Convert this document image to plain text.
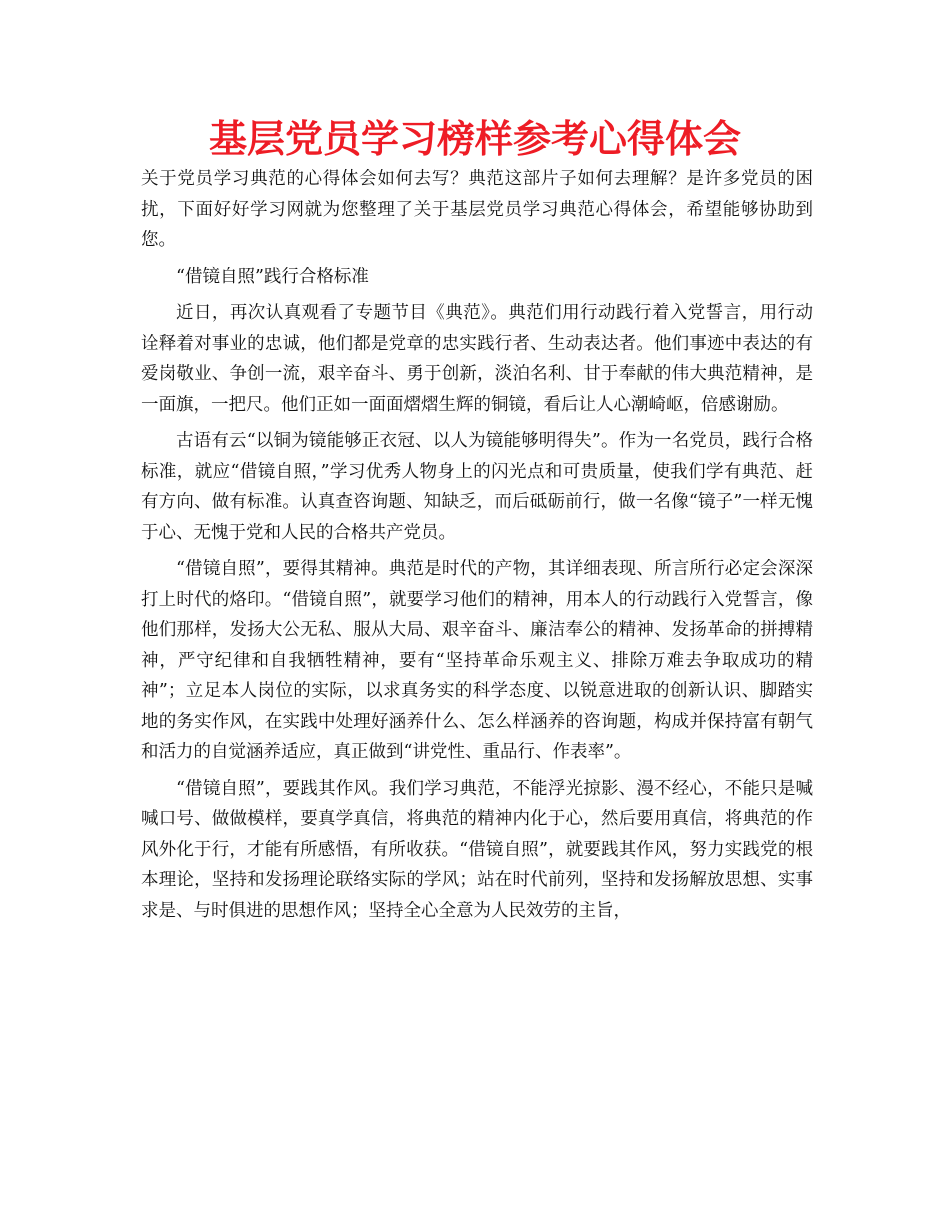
基层党员学习榜样参考心得体会

关于党员学习典范的心得体会如何去写？典范这部片子如何去理解？是许多党员的困扰，下面好好学习网就为您整理了关于基层党员学习典范心得体会，希望能够协助到您。

“借镜自照”践行合格标准

近日，再次认真观看了专题节目《典范》。典范们用行动践行着入党誓言，用行动诠释着对事业的忠诚，他们都是党章的忠实践行者、生动表达者。他们事迹中表达的有爱岗敬业、争创一流，艰辛奋斗、勇于创新，淡泊名利、甘于奉献的伟大典范精神，是一面旗，一把尺。他们正如一面面熠熠生辉的铜镜，看后让人心潮崎岖，倍感谢励。

古语有云“以铜为镜能够正衣冠、以人为镜能够明得失”。作为一名党员，践行合格标准，就应“借镜自照，”学习优秀人物身上的闪光点和可贵质量，使我们学有典范、赶有方向、做有标准。认真查咨询题、知缺乏，而后砥砺前行，做一名像“镜子”一样无愧于心、无愧于党和人民的合格共产党员。

“借镜自照”，要得其精神。典范是时代的产物，其详细表现、所言所行必定会深深打上时代的烙印。“借镜自照”，就要学习他们的精神，用本人的行动践行入党誓言，像他们那样，发扬大公无私、服从大局、艰辛奋斗、廉洁奉公的精神、发扬革命的拼搏精神，严守纪律和自我牺牲精神，要有“坚持革命乐观主义、排除万难去争取成功的精神”；立足本人岗位的实际，以求真务实的科学态度、以锐意进取的创新认识、脚踏实地的务实作风，在实践中处理好涵养什么、怎么样涵养的咨询题，构成并保持富有朝气和活力的自觉涵养适应，真正做到“讲党性、重品行、作表率”。

“借镜自照”，要践其作风。我们学习典范，不能浮光掠影、漫不经心，不能只是喊喊口号、做做模样，要真学真信，将典范的精神内化于心，然后要用真信，将典范的作风外化于行，才能有所感悟，有所收获。“借镜自照”，就要践其作风，努力实践党的根本理论，坚持和发扬理论联络实际的学风；站在时代前列，坚持和发扬解放思想、实事求是、与时俱进的思想作风；坚持全心全意为人民效劳的主旨，
